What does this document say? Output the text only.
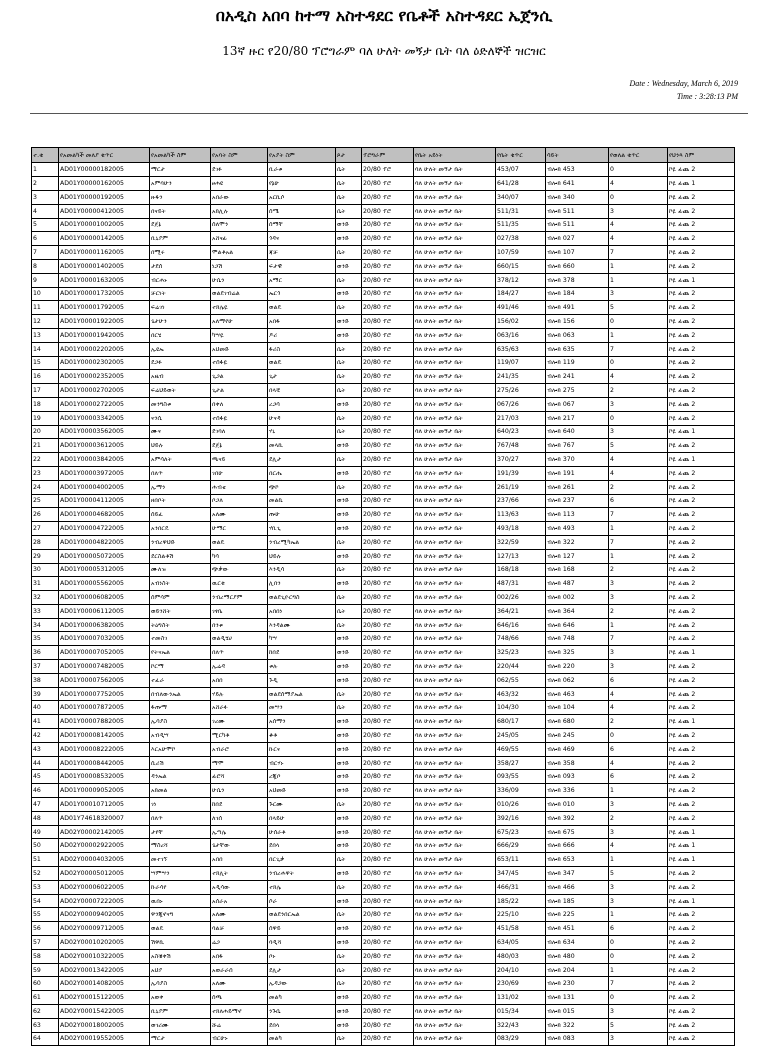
በአዲስ አበባ ከተማ አስተዳደር የቤቶች አስተዳደር ኤጀንሲ
13ኛ ዙር የ20/80 ፕሮግራም ባለ ሁለት መኝታ ቤት ባለ ዕድለኞች ዝርዝር
Date : Wednesday, March 6, 2019
Time : 3:28:13 PM
ተ.ቁ	የአመልካች መለያ ቁጥር	የአመልካች ስም	የአባት ስም	የአያት ስም	ጾታ	ፕሮግራም	የቤት አይነት	የቤት ቁጥር	ሳይት	የወለል ቁጥር	የህንጻ ስም
1	AD01Y00000182005	ማርታ	ደገፉ	ቢራቱ	ሴት	20/80 ፕሮ	ባለ ሁለት መኝታ ቤት	453/07	ብሎክ 453	0	ኮዬ ፊጨ 2
2	AD01Y00000162005	አምባሁን	ፀሐዩ	የኔሁ	ሴት	20/80 ፕሮ	ባለ ሁለት መኝታ ቤት	641/28	ብሎክ 641	4	ኮዬ ፊጨ 1
3	AD01Y00000192005	ዙፋን	አበራው	አርኪሶ	ሴት	20/80 ፕሮ	ባለ ሁለት መኝታ ቤት	340/07	ብሎክ 340	0	ኮዬ ፊጨ 2
4	AD01Y00000412005	በናይት	አክሊሉ	ሰሜ	ሴት	20/80 ፕሮ	ባለ ሁለት መኝታ ቤት	511/31	ብሎክ 511	3	ኮዬ ፊጨ 2
5	AD01Y00001002005	ደጀኔ	ሰለሞን	ሰማቸ	ወንድ	20/80 ፕሮ	ባለ ሁለት መኝታ ቤት	511/35	ብሎክ 511	4	ኮዬ ፊጨ 2
6	AD01Y00000142005	ቢኒያም	አሸናፊ	ጎዳና	ወንድ	20/80 ፕሮ	ባለ ሁለት መኝታ ቤት	027/38	ብሎክ 027	4	ኮዬ ፊጨ 2
7	AD01Y00001162005	በሚሩ	ሞልቶአል	ጃቻ	ሴት	20/80 ፕሮ	ባለ ሁለት መኝታ ቤት	107/59	ብሎክ 107	7	ኮዬ ፊጨ 2
8	AD01Y00001402005	ታደሰ	ነጋሽ	ፍታዊ	ወንድ	20/80 ፕሮ	ባለ ሁለት መኝታ ቤት	660/15	ብሎክ 660	1	ኮዬ ፊጨ 2
9	AD01Y00001632005	ብርሐኑ	ሁሴን	አማር	ሴት	20/80 ፕሮ	ባለ ሁለት መኝታ ቤት	378/12	ብሎክ 378	1	ኮዬ ፊጨ 1
10	AD01Y00001732005	ቻርነት	ወልደገብሬል	ኤርጎ	ወንድ	20/80 ፕሮ	ባለ ሁለት መኝታ ቤት	184/27	ብሎክ 184	3	ኮዬ ፊጨ 2
11	AD01Y00001792005	ፍሬገነ	ተክሌዬ	ወልዴ	ሴት	20/80 ፕሮ	ባለ ሁለት መኝታ ቤት	491/46	ብሎክ 491	5	ኮዬ ፊጨ 2
12	AD01Y00001922005	ጌታሁን	አለማየሁ	አበፋ	ወንድ	20/80 ፕሮ	ባለ ሁለት መኝታ ቤት	156/02	ብሎክ 156	0	ኮዬ ፊጨ 2
13	AD01Y00001942005	በርሄ	ካሣዬ	ዶሪ	ወንድ	20/80 ፕሮ	ባለ ሁለት መኝታ ቤት	063/16	ብሎክ 063	1	ኮዬ ፊጨ 2
14	AD01Y00002202005	ኢዩኤ	አህመድ	ፋሪስ	ሴት	20/80 ፕሮ	ባለ ሁለት መኝታ ቤት	635/63	ብሎክ 635	7	ኮዬ ፊጨ 2
15	AD01Y00002302005	ደጋፉ	ተሰፋዬ	ወልዴ	ሴት	20/80 ፕሮ	ባለ ሁለት መኝታ ቤት	119/07	ብሎክ 119	0	ኮዬ ፊጨ 2
16	AD01Y00002352005	አዜብ	ጊጋል	ጊታ	ሴት	20/80 ፕሮ	ባለ ሁለት መኝታ ቤት	241/35	ብሎክ 241	4	ኮዬ ፊጨ 2
17	AD01Y00002702005	ፍሬህይወት	ጊታል	በላቺ	ሴት	20/80 ፕሮ	ባለ ሁለት መኝታ ቤት	275/26	ብሎክ 275	2	ኮዬ ፊጨ 2
18	AD01Y00002722005	መንግስቱ	በቀለ	ረጋሳ	ወንድ	20/80 ፕሮ	ባለ ሁለት መኝታ ቤት	067/26	ብሎክ 067	3	ኮዬ ፊጨ 2
19	AD01Y00003342005	ናንሲ	ተሰፋዬ	ሁናዳ	ሴት	20/80 ፕሮ	ባለ ሁለት መኝታ ቤት	217/03	ብሎክ 217	0	ኮዬ ፊጨ 2
20	AD01Y00003562005	ሙና	ደገባለ	ሃኒ	ሴት	20/80 ፕሮ	ባለ ሁለት መኝታ ቤት	640/23	ብሎክ 640	3	ኮዬ ፊጨ 1
21	AD01Y00003612005	ህይሉ	ደጀኔ	መላኪ	ወንድ	20/80 ፕሮ	ባለ ሁለት መኝታ ቤት	767/48	ብሎክ 767	5	ኮዬ ፊጨ 2
22	AD01Y00003842005	አምሳለት	ጫናይ	ደሊታ	ሴት	20/80 ፕሮ	ባለ ሁለት መኝታ ቤት	370/27	ብሎክ 370	4	ኮዬ ፊጨ 1
23	AD01Y00003972005	በለጥ	ገበሁ	በርሔ	ወንድ	20/80 ፕሮ	ባለ ሁለት መኝታ ቤት	191/39	ብሎክ 191	4	ኮዬ ፊጨ 2
24	AD01Y00004002005	ኢማን	ሐብቴ	ጭኮ	ሴት	20/80 ፕሮ	ባለ ሁለት መኝታ ቤት	261/19	ብሎክ 261	2	ኮዬ ፊጨ 2
25	AD01Y00004112005	ዘበቦት	ቦጋለ	መልኬ	ወንድ	20/80 ፕሮ	ባለ ሁለት መኝታ ቤት	237/66	ብሎክ 237	6	ኮዬ ፊጨ 2
26	AD01Y00004682005	ሰይፈ	አለሙ	ጡሁ	ወንድ	20/80 ፕሮ	ባለ ሁለት መኝታ ቤት	113/63	ብሎክ 113	7	ኮዬ ፊጨ 2
27	AD01Y00004722005	አንበርዴ	ሁማር	ሃቢጊ	ወንድ	20/80 ፕሮ	ባለ ሁለት መኝታ ቤት	493/18	ብሎክ 493	1	ኮዬ ፊጨ 2
28	AD01Y00004822005	ንብረዋህድ	ወልዴ	ንብረሚካኤል	ሴት	20/80 ፕሮ	ባለ ሁለት መኝታ ቤት	322/59	ብሎክ 322	7	ኮዬ ፊጨ 2
29	AD01Y00005072005	ደርስልቶሽ	ካሳ	ህይሉ	ወንድ	20/80 ፕሮ	ባለ ሁለት መኝታ ቤት	127/13	ብሎክ 127	1	ኮዬ ፊጨ 2
30	AD01Y00005312005	ሙለዝ	ጭቃው	እንዲሳ	ሴት	20/80 ፕሮ	ባለ ሁለት መኝታ ቤት	168/18	ብሎክ 168	2	ኮዬ ፊጨ 2
31	AD01Y00005562005	አብነስት	ዉርቂ	ሊበን	ወንድ	20/80 ፕሮ	ባለ ሁለት መኝታ ቤት	487/31	ብሎክ 487	3	ኮዬ ፊጨ 2
32	AD01Y00006082005	ሰምሳም	ንብረማርያም	ወልደጊዮርግስ	ሴት	20/80 ፕሮ	ባለ ሁለት መኝታ ቤት	002/26	ብሎክ 002	3	ኮዬ ፊጨ 2
33	AD01Y00006112005	ወይንሸት	ገፃቤ	አበበነ	ሴት	20/80 ፕሮ	ባለ ሁለት መኝታ ቤት	364/21	ብሎክ 364	2	ኮዬ ፊጨ 2
34	AD01Y00006382005	ትዕግስት	በንቱ	እንዳልሙ	ሴት	20/80 ፕሮ	ባለ ሁለት መኝታ ቤት	646/16	ብሎክ 646	1	ኮዬ ፊጨ 2
35	AD01Y00007032005	ተመስገ	ወልዲሄሀ	ካሣ	ወንድ	20/80 ፕሮ	ባለ ሁለት መኝታ ቤት	748/66	ብሎክ 748	7	ኮዬ ፊጨ 2
36	AD01Y00007052005	የትናኤል	በለጥ	ከበደ	ወንድ	20/80 ፕሮ	ባለ ሁለት መኝታ ቤት	325/23	ብሎክ 325	3	ኮዬ ፊጨ 1
37	AD01Y00007482005	ኮርማ	ኢሬዳ	ቱሉ	ወንድ	20/80 ፕሮ	ባለ ሁለት መኝታ ቤት	220/44	ብሎክ 220	3	ኮዬ ፊጨ 2
38	AD01Y00007562005	ተፈራ	አበበ	ጉዲ	ወንድ	20/80 ፕሮ	ባለ ሁለት መኝታ ቤት	062/55	ብሎክ 062	6	ኮዬ ፊጨ 2
39	AD01Y00007752005	በብለውንኤል	ሃይሉ	ወልደሰማያኤል	ሴት	20/80 ፕሮ	ባለ ሁለት መኝታ ቤት	463/32	ብሎክ 463	4	ኮዬ ፊጨ 2
40	AD01Y00007872005	ፋጡማ	አሸራፉ	መሣን	ሴት	20/80 ፕሮ	ባለ ሁለት መኝታ ቤት	104/30	ብሎክ 104	4	ኮዬ ፊጨ 2
41	AD01Y00007882005	ኢሳያስ	ገረሙ	አሰማን	ወንድ	20/80 ፕሮ	ባለ ሁለት መኝታ ቤት	680/17	ብሎክ 680	2	ኮዬ ፊጨ 1
42	AD01Y00008142005	አብዲሣ	ሚርካቶ	ቆቶ	ወንድ	20/80 ፕሮ	ባለ ሁለት መኝታ ቤት	245/05	ብሎክ 245	0	ኮዬ ፊጨ 2
43	AD01Y00008222005	እርአሁሞኮ	አብራሮ	ኩርና	ወንድ	20/80 ፕሮ	ባለ ሁለት መኝታ ቤት	469/55	ብሎክ 469	6	ኮዬ ፊጨ 2
44	AD01Y00008442005	ሲሪሽ	ማሞ	ብርሃኑ	ወንድ	20/80 ፕሮ	ባለ ሁለት መኝታ ቤት	358/27	ብሎክ 358	4	ኮዬ ፊጨ 2
45	AD01Y00008532005	ዳንኤል	ፊሮሻ	ረጂቦ	ወንድ	20/80 ፕሮ	ባለ ሁለት መኝታ ቤት	093/55	ብሎክ 093	6	ኮዬ ፊጨ 2
46	AD01Y00009052005	አክመል	ሁሴን	አህመድ	ወንድ	20/80 ፕሮ	ባለ ሁለት መኝታ ቤት	336/09	ብሎክ 336	1	ኮዬ ፊጨ 2
47	AD01Y00010712005	ገነ	ከበደ	ጉርሙ	ሴት	20/80 ፕሮ	ባለ ሁለት መኝታ ቤት	010/26	ብሎክ 010	3	ኮዬ ፊጨ 2
48	AD01Y74618320007	በለጥ	ለገሰ	በላይሁ	ወንድ	20/80 ፕሮ	ባለ ሁለት መኝታ ቤት	392/16	ብሎክ 392	2	ኮዬ ፊጨ 2
49	AD02Y00002142005	ታየቸ	ኢጣሌ	ሁሰራቶ	ወንድ	20/80 ፕሮ	ባለ ሁለት መኝታ ቤት	675/23	ብሎክ 675	3	ኮዬ ፊጨ 1
50	AD02Y00002922005	ማስረሻ	ጌታቸው	ደበላ	ወንድ	20/80 ፕሮ	ባለ ሁለት መኝታ ቤት	666/29	ብሎክ 666	4	ኮዬ ፊጨ 1
51	AD02Y00004032005	መተገኘ	አበበ	በርጊቃ	ሴት	20/80 ፕሮ	ባለ ሁለት መኝታ ቤት	653/11	ብሎክ 653	1	ኮዬ ፊጨ 1
52	AD02Y00005012005	ሣምሣን	ተክሊት	ንብረሐዋት	ወንድ	20/80 ፕሮ	ባለ ሁለት መኝታ ቤት	347/45	ብሎክ 347	5	ኮዬ ፊጨ 2
53	AD02Y00006022005	ኩራሳየ	አዲሳው	ተክሌ	ሴት	20/80 ፕሮ	ባለ ሁለት መኝታ ቤት	466/31	ብሎክ 466	3	ኮዬ ፊጨ 2
54	AD02Y00007222005	ዉበኑ	አሰራአ	ሶራ	ወንድ	20/80 ፕሮ	ባለ ሁለት መኝታ ቤት	185/22	ብሎክ 185	3	ኮዬ ፊጨ 1
55	AD02Y00009402005	ዋንጂኖናግ	አለሙ	ወልደንበርኤል	ሴት	20/80 ፕሮ	ባለ ሁለት መኝታ ቤት	225/10	ብሎክ 225	1	ኮዬ ፊጨ 2
56	AD02Y00009712005	ወልዴ	ባልቻ	ሰዋይ	ወንድ	20/80 ፕሮ	ባለ ሁለት መኝታ ቤት	451/58	ብሎክ 451	6	ኮዬ ፊጨ 2
57	AD02Y00010202005	ሽዋኪ	ሬጋ	ባዲሻ	ወንድ	20/80 ፕሮ	ባለ ሁለት መኝታ ቤት	634/05	ብሎክ 634	0	ኮዬ ፊጨ 2
58	AD02Y00010322005	አስቼቀሽ	አበፋ	ቦኑ	ሴት	20/80 ፕሮ	ባለ ሁለት መኝታ ቤት	480/03	ብሎክ 480	0	ኮዬ ፊጨ 2
59	AD02Y00013422005	አህያ	አወራራሰ	ደሊታ	ሴት	20/80 ፕሮ	ባለ ሁለት መኝታ ቤት	204/10	ብሎክ 204	1	ኮዬ ፊጨ 2
60	AD02Y00014082005	ኢሳያስ	አለሙ	ኢዳጋው	ሴት	20/80 ፕሮ	ባለ ሁለት መኝታ ቤት	230/69	ብሎክ 230	7	ኮዬ ፊጨ 2
61	AD02Y00015122005	አወቀ	ሰጫ	መልካ	ወንድ	20/80 ፕሮ	ባለ ሁለት መኝታ ቤት	131/02	ብሎክ 131	0	ኮዬ ፊጨ 2
62	AD02Y00015422005	ቢኒያም	ተክለሐይማኖ	ንጉሴ	ወንድ	20/80 ፕሮ	ባለ ሁለት መኝታ ቤት	015/34	ብሎክ 015	3	ኮዬ ፊጨ 2
63	AD02Y00018002005	ወገሪሙ	ሹሬ	ደበላ	ወንድ	20/80 ፕሮ	ባለ ሁለት መኝታ ቤት	322/43	ብሎክ 322	5	ኮዬ ፊጨ 2
64	AD02Y00019552005	ማርታ	ብርሁኑ	መልካ	ሴት	20/80 ፕሮ	ባለ ሁለት መኝታ ቤት	083/29	ብሎክ 083	3	ኮዬ ፊጨ 2
